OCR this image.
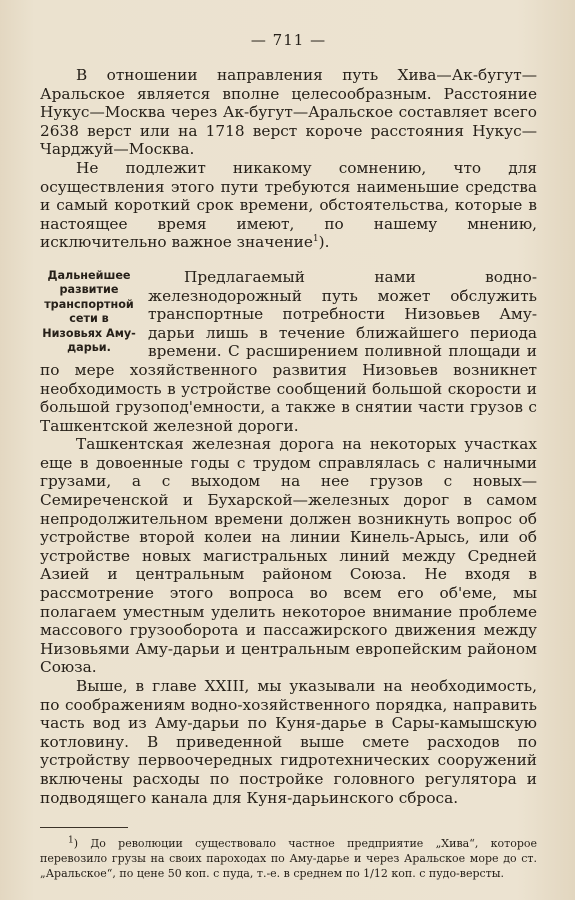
— 711 —

В отношении направления путь Хива—Ак-бугут—Аральское является вполне целесообразным. Расстояние Нукус—Москва через Ак-бугут—Аральское составляет всего 2638 верст или на 1718 верст короче расстояния Нукус—Чарджуй—Москва.

Не подлежит никакому сомнению, что для осуществления этого пути требуются наименьшие средства и самый короткий срок времени, обстоятельства, которые в настоящее время имеют, по нашему мнению, исключительно важное значение$^1$).

Дальнейшее развитие транспортной сети в Низовьях Аму-дарьи.

Предлагаемый нами водно-железнодорожный путь может обслужить транспортные потребности Низовьев Аму-дарьи лишь в течение ближайшего периода времени. С расширением поливной площади и по мере хозяйственного развития Низовьев возникнет необходимость в устройстве сообщений большой скорости и большой грузопод'емности, а также в снятии части грузов с Ташкентской железной дороги.

Ташкентская железная дорога на некоторых участках еще в довоенные годы с трудом справлялась с наличными грузами, а с выходом на нее грузов с новых—Семиреченской и Бухарской—железных дорог в самом непродолжительном времени должен возникнуть вопрос об устройстве второй колеи на линии Кинель-Арысь, или об устройстве новых магистральных линий между Средней Азией и центральным районом Союза. Не входя в рассмотрение этого вопроса во всем его об'еме, мы полагаем уместным уделить некоторое внимание проблеме массового грузооборота и пассажирского движения между Низовьями Аму-дарьи и центральным европейским районом Союза.

Выше, в главе XXIII, мы указывали на необходимость, по соображениям водно-хозяйственного порядка, направить часть вод из Аму-дарьи по Куня-дарье в Сары-камышскую котловину. В приведенной выше смете расходов по устройству первоочередных гидротехнических сооружений включены расходы по постройке головного регулятора и подводящего канала для Куня-дарьинского сброса.

$^1$) До революции существовало частное предприятие „Хива“, которое перевозило грузы на своих пароходах по Аму-дарье и через Аральское море до ст. „Аральское“, по цене 50 коп. с пуда, т.-е. в среднем по 1/12 коп. с пудо-версты.
